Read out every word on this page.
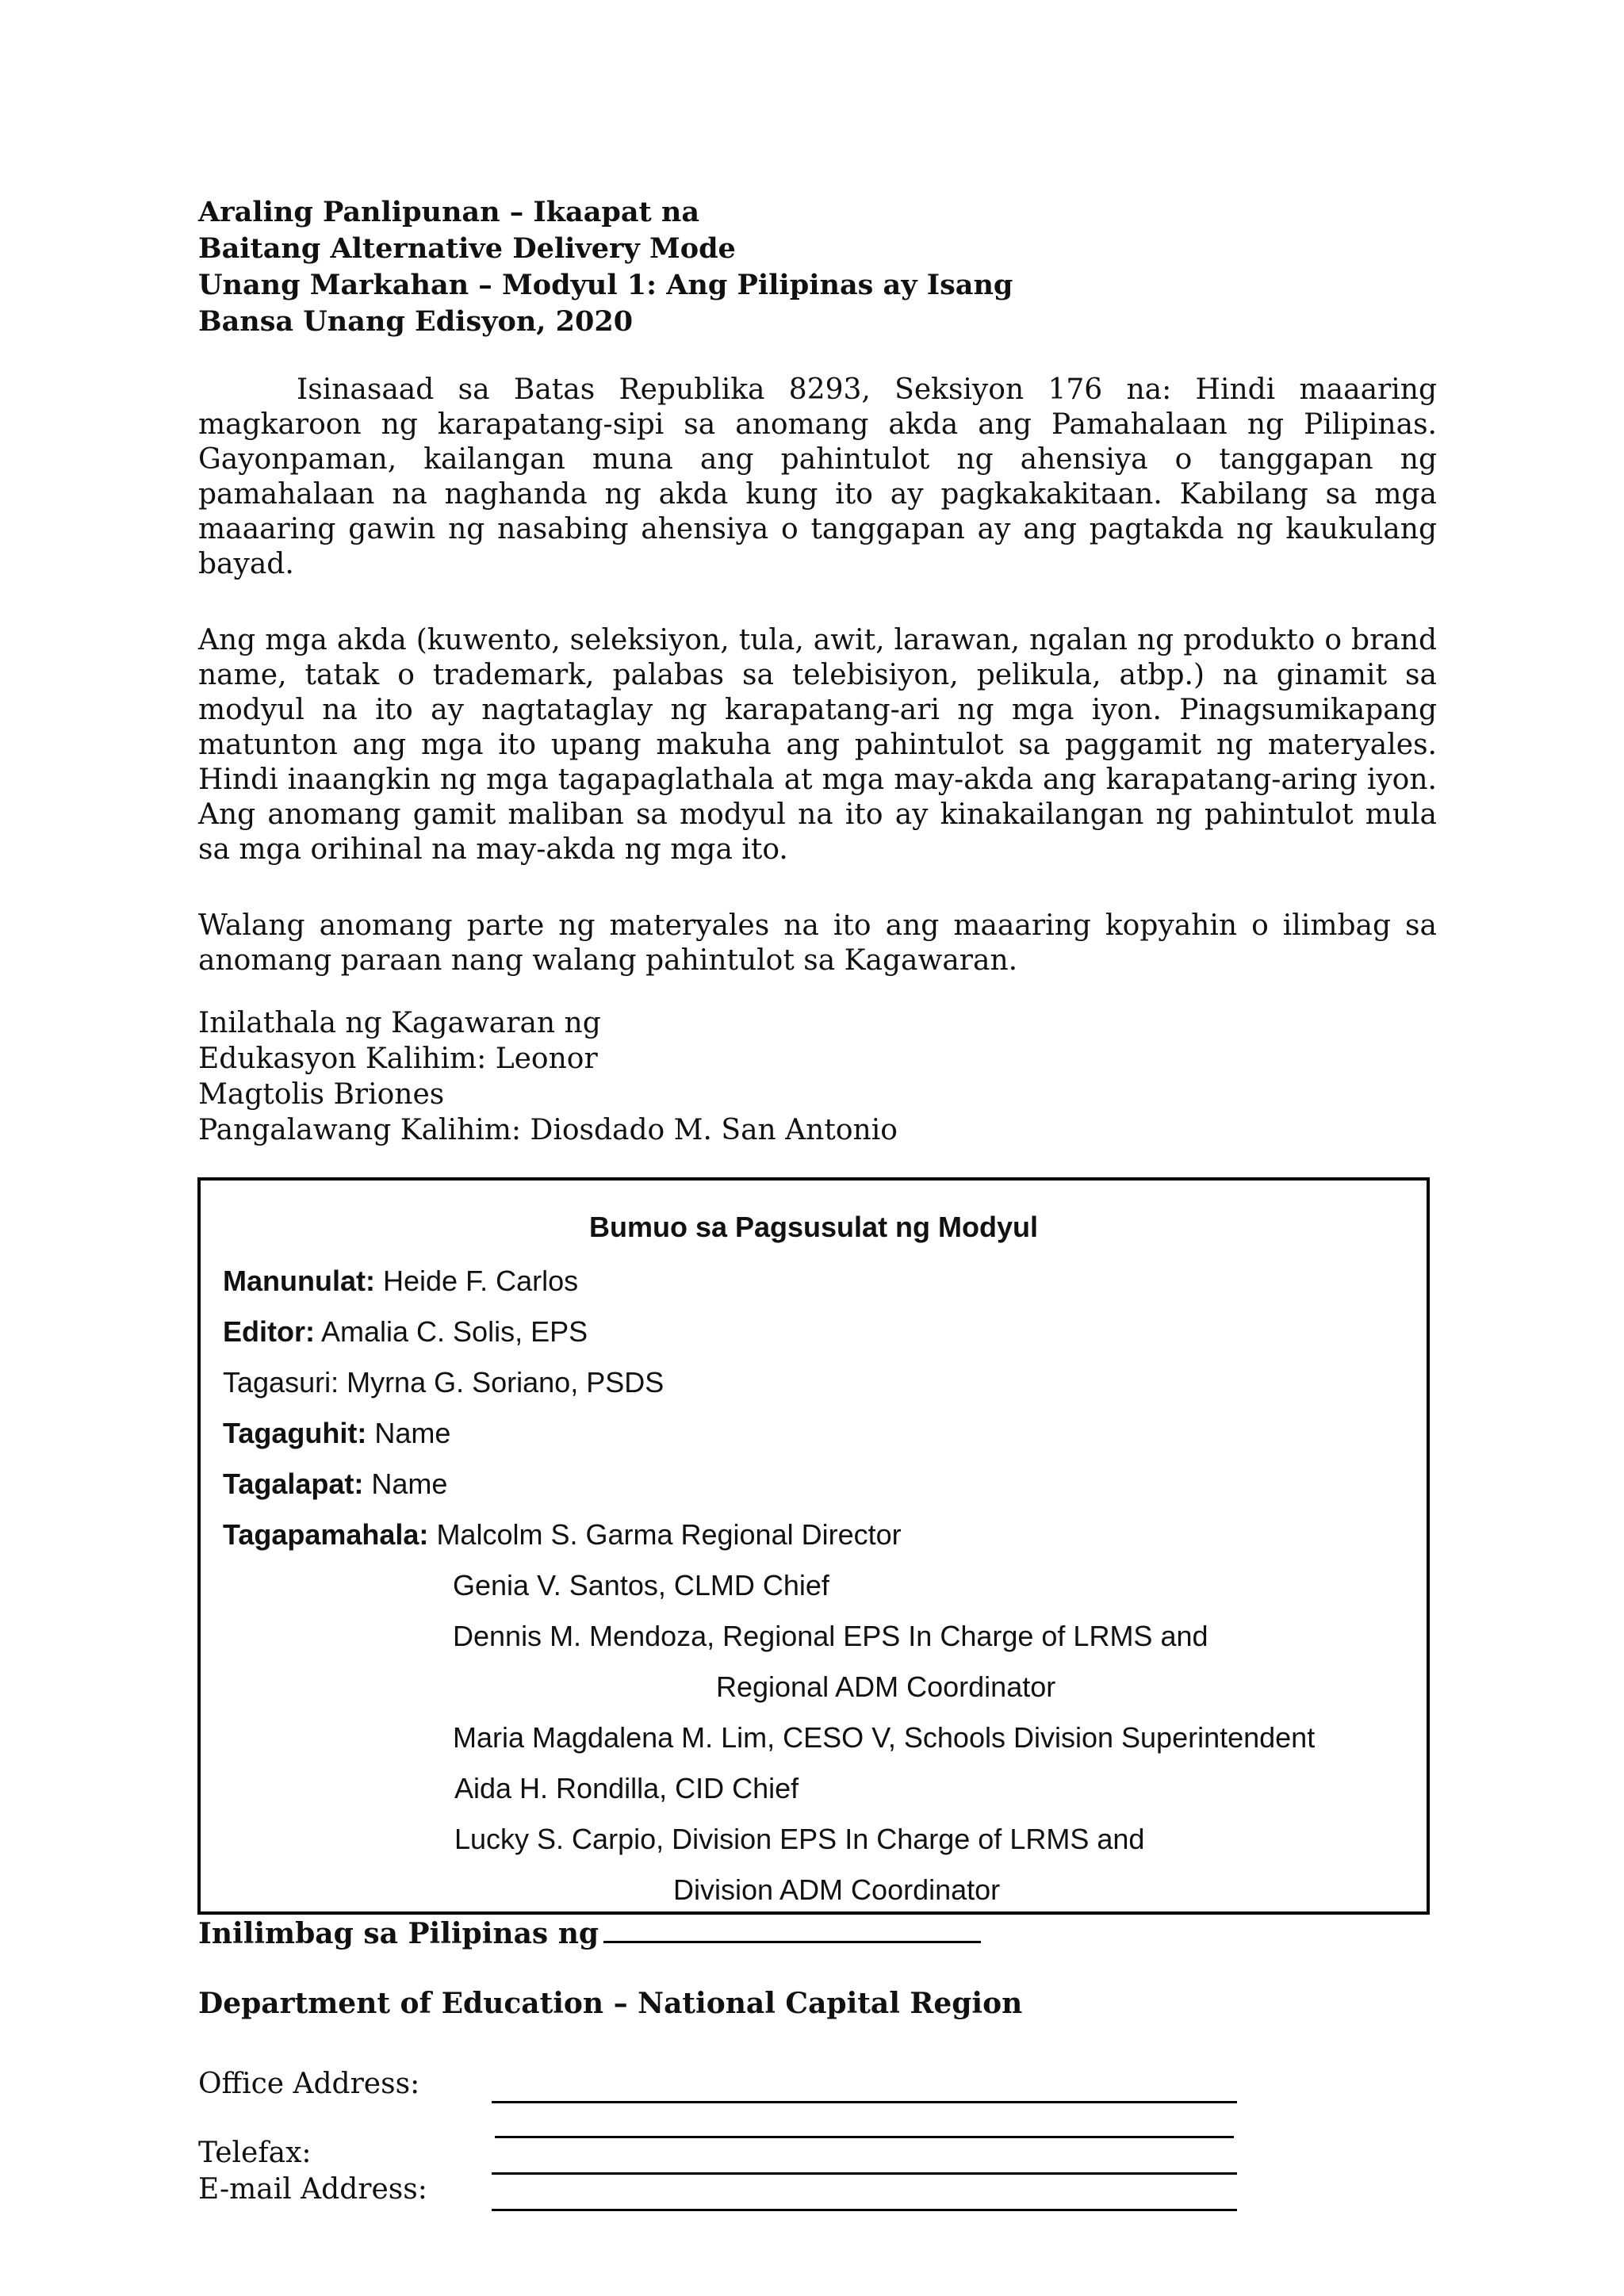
Araling Panlipunan – Ikaapat na
Baitang Alternative Delivery Mode
Unang Markahan – Modyul 1: Ang Pilipinas ay Isang
Bansa Unang Edisyon, 2020
Isinasaad sa Batas Republika 8293, Seksiyon 176 na: Hindi maaaring magkaroon ng karapatang-sipi sa anomang akda ang Pamahalaan ng Pilipinas. Gayonpaman, kailangan muna ang pahintulot ng ahensiya o tanggapan ng pamahalaan na naghanda ng akda kung ito ay pagkakakitaan. Kabilang sa mga maaaring gawin ng nasabing ahensiya o tanggapan ay ang pagtakda ng kaukulang bayad.
Ang mga akda (kuwento, seleksiyon, tula, awit, larawan, ngalan ng produkto o brand name, tatak o trademark, palabas sa telebisiyon, pelikula, atbp.) na ginamit sa modyul na ito ay nagtataglay ng karapatang-ari ng mga iyon. Pinagsumikapang matunton ang mga ito upang makuha ang pahintulot sa paggamit ng materyales. Hindi inaangkin ng mga tagapaglathala at mga may-akda ang karapatang-aring iyon. Ang anomang gamit maliban sa modyul na ito ay kinakailangan ng pahintulot mula sa mga orihinal na may-akda ng mga ito.
Walang anomang parte ng materyales na ito ang maaaring kopyahin o ilimbag sa anomang paraan nang walang pahintulot sa Kagawaran.
Inilathala ng Kagawaran ng
Edukasyon Kalihim: Leonor
Magtolis Briones
Pangalawang Kalihim: Diosdado M. San Antonio
Bumuo sa Pagsusulat ng Modyul
Manunulat: Heide F. Carlos
Editor: Amalia C. Solis, EPS
Tagasuri: Myrna G. Soriano, PSDS
Tagaguhit: Name
Tagalapat: Name
Tagapamahala: Malcolm S. Garma Regional Director
Genia V. Santos, CLMD Chief
Dennis M. Mendoza, Regional EPS In Charge of LRMS and
Regional ADM Coordinator
Maria Magdalena M. Lim, CESO V, Schools Division Superintendent
Aida H. Rondilla, CID Chief
Lucky S. Carpio, Division EPS In Charge of LRMS and
Division ADM Coordinator
Inilimbag sa Pilipinas ng
Department of Education – National Capital Region
Office Address:
Telefax:
E-mail Address:
